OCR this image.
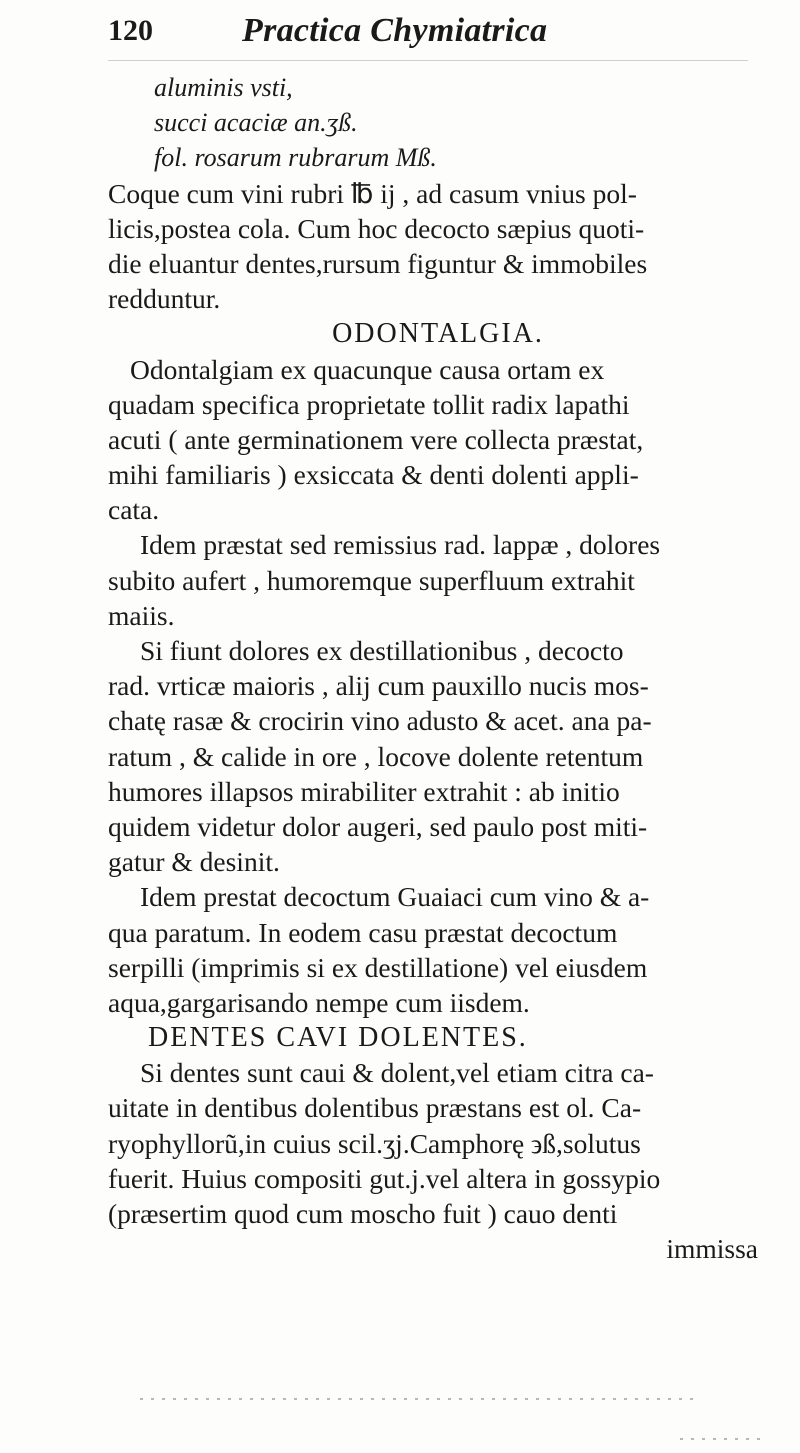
120	Practica Chymiatrica
aluminis vsti,
succi acaciæ an.ʒß.
fol. rosarum rubrarum Mß.
Coque cum vini rubri ℔ ij , ad casum vnius pol-
licis,postea cola. Cum hoc decocto sæpius quoti-
die eluantur dentes,rursum figuntur & immobiles
redduntur.
ODONTALGIA.
Odontalgiam ex quacunque causa ortam ex
quadam specifica proprietate tollit radix lapathi
acuti ( ante germinationem vere collecta præstat,
mihi familiaris ) exsiccata & denti dolenti appli-
cata.
Idem præstat sed remissius rad. lappæ , dolores
subito aufert , humoremque superfluum extrahit
maiis.
Si fiunt dolores ex destillationibus , decocto
rad. vrticæ maioris , alij cum pauxillo nucis mos-
chatę rasæ & crocirin vino adusto & acet. ana pa-
ratum , & calide in ore , locove dolente retentum
humores illapsos mirabiliter extrahit : ab initio
quidem videtur dolor augeri, sed paulo post miti-
gatur & desinit.
Idem prestat decoctum Guaiaci cum vino & a-
qua paratum. In eodem casu præstat decoctum
serpilli (imprimis si ex destillatione) vel eiusdem
aqua,gargarisando nempe cum iisdem.
DENTES CAVI DOLENTES.
Si dentes sunt caui & dolent,vel etiam citra ca-
uitate in dentibus dolentibus præstans est ol. Ca-
ryophyllorũ,in cuius scil.ʒj.Camphorę ϶ß,solutus
fuerit. Huius compositi gut.j.vel altera in gossypio
(præsertim quod cum moscho fuit ) cauo denti
immissa
